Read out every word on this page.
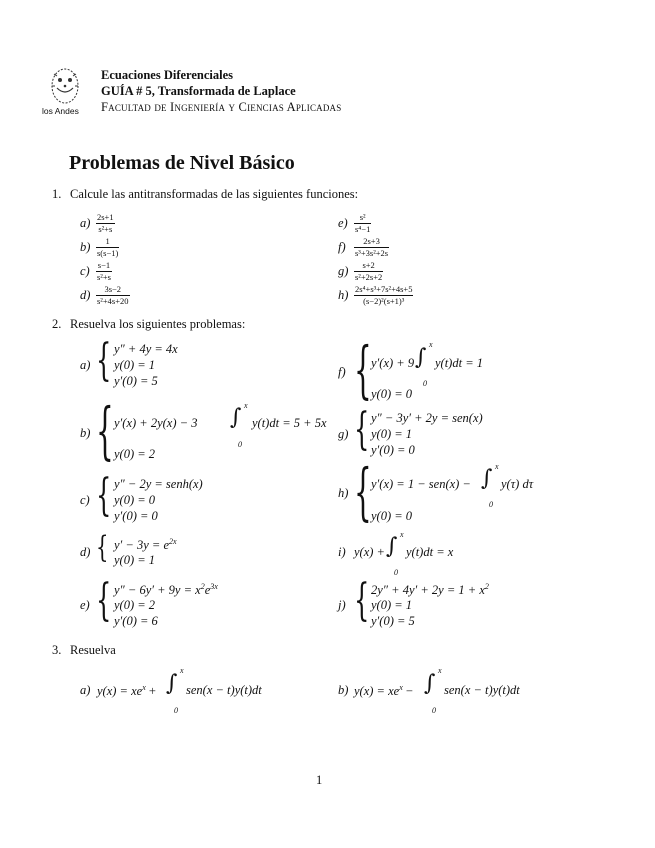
los Andes
Ecuaciones Diferenciales
GUÍA # 5, Transformada de Laplace
Facultad de Ingeniería y Ciencias Aplicadas
Problemas de Nivel Básico
1. Calcule las antitransformadas de las siguientes funciones:
a) 2s+1
s²+s
b)	1
s(s−1)
c) s−1
s²+s
d)	3s−2
s²+4s+20
e)	s²
s⁴−1
f)	2s+3
s³+3s²+2s
g)	s+2
s²+2s+2
h) 2s⁴+s³+7s²+4s+5
(s−2)²(s+1)³
2. Resuelva los siguientes problemas:
a) { y″ + 4y = 4x
y(0) = 1
y′(0) = 5
b) { y′(x) + 2y(x) − 3
x
∫
0
y(t)dt = 5 + 5x
y(0) = 2
c) { y″ − 2y = senh(x)
y(0) = 0
y′(0) = 0
d) { $y' - 3y = e^{2x}$
y(0) = 1
e) { $y'' - 6y' + 9y = x^2e^{3x}$
y(0) = 2
y′(0) = 6
f) { y′(x) + 9
x
∫
0
y(t)dt = 1
y(0) = 0
g) { y″ − 3y′ + 2y = sen(x)
y(0) = 1
y′(0) = 0
h) { y′(x) = 1 − sen(x) −
x
∫
0
y(τ) dτ
y(0) = 0
i) y(x) +
x
∫
0
y(t)dt = x
j) { $2y'' + 4y' + 2y = 1 + x^2$
y(0) = 1
y′(0) = 5
3. Resuelva
a) $y(x) = xe^x$ +
x
∫
0
sen(x − t)y(t)dt	b) $y(x) = xe^x$ −
x
∫
0
sen(x − t)y(t)dt
1
